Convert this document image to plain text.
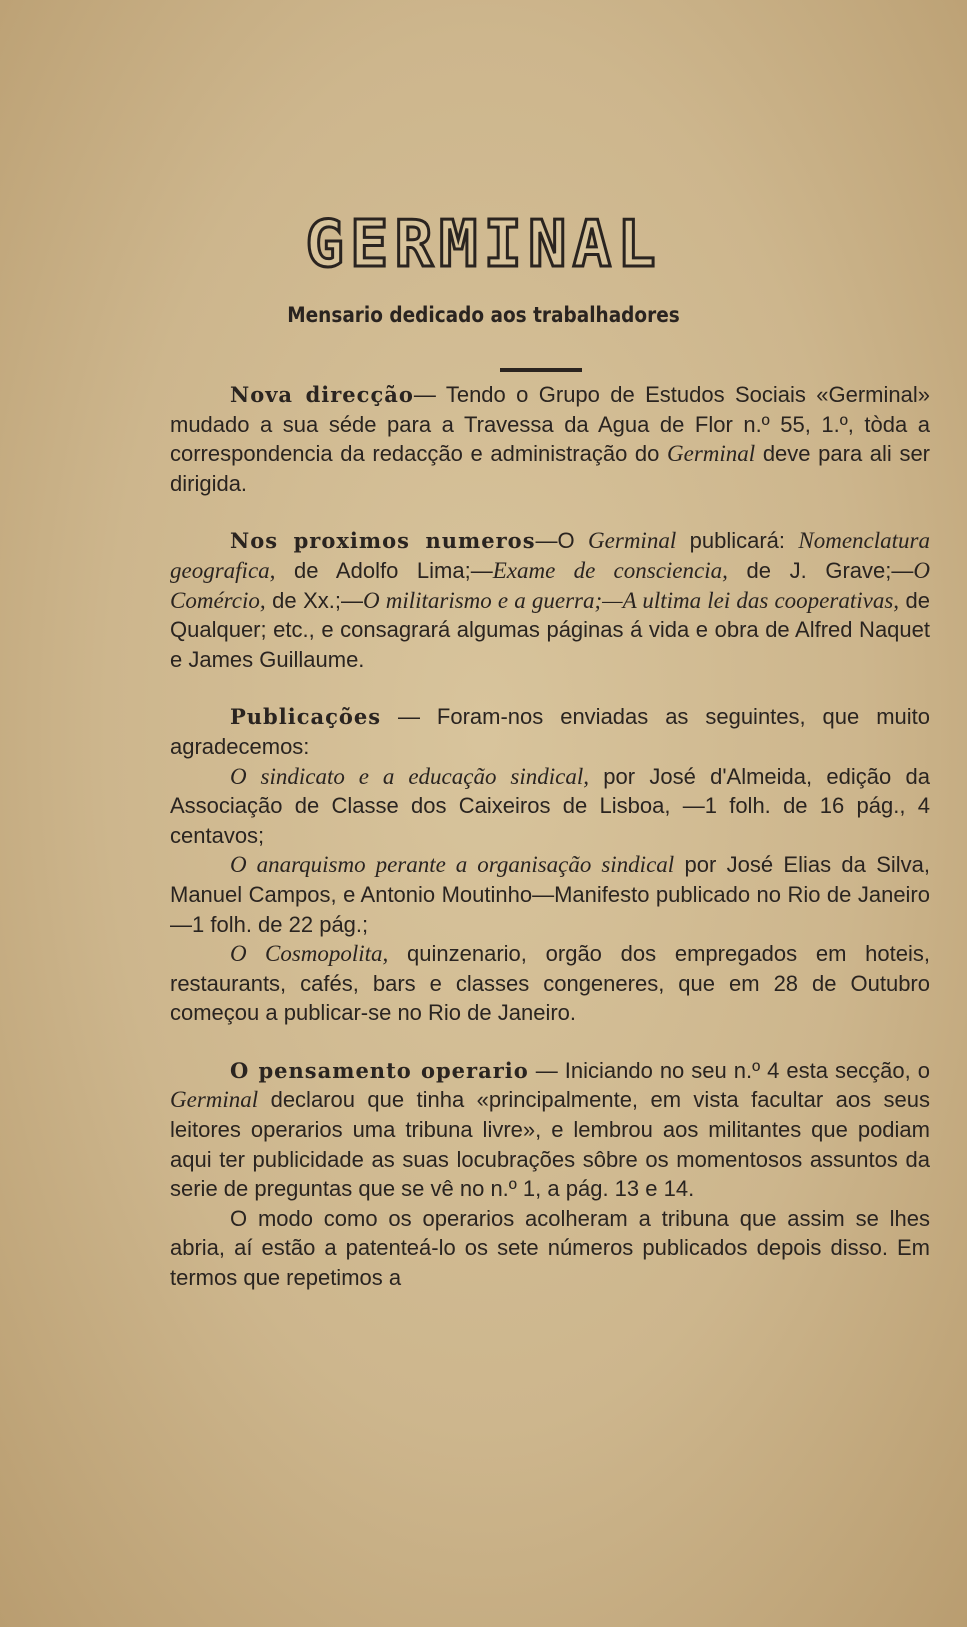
GERMINAL
Mensario dedicado aos trabalhadores

Nova direcção— Tendo o Grupo de Estudos Sociais «Germinal» mudado a sua séde para a Travessa da Agua de Flor n.º 55, 1.º, tòda a correspondencia da redacção e administração do Germinal deve para ali ser dirigida.

Nos proximos numeros—O Germinal publicará: Nomenclatura geografica, de Adolfo Lima;—Exame de consciencia, de J. Grave;—O Comércio, de Xx.;—O militarismo e a guerra;—A ultima lei das cooperativas, de Qualquer; etc., e consagrará algumas páginas á vida e obra de Alfred Naquet e James Guillaume.

Publicações — Foram-nos enviadas as seguintes, que muito agradecemos:

O sindicato e a educação sindical, por José d'Almeida, edição da Associação de Classe dos Caixeiros de Lisboa, —1 folh. de 16 pág., 4 centavos;

O anarquismo perante a organisação sindical por José Elias da Silva, Manuel Campos, e Antonio Moutinho—Manifesto publicado no Rio de Janeiro—1 folh. de 22 pág.;

O Cosmopolita, quinzenario, orgão dos empregados em hoteis, restaurants, cafés, bars e classes congeneres, que em 28 de Outubro começou a publicar-se no Rio de Janeiro.

O pensamento operario — Iniciando no seu n.º 4 esta secção, o Germinal declarou que tinha «principalmente, em vista facultar aos seus leitores operarios uma tribuna livre», e lembrou aos militantes que podiam aqui ter publicidade as suas locubrações sôbre os momentosos assuntos da serie de preguntas que se vê no n.º 1, a pág. 13 e 14.

O modo como os operarios acolheram a tribuna que assim se lhes abria, aí estão a patenteá-lo os sete números publicados depois disso. Em termos que repetimos a
